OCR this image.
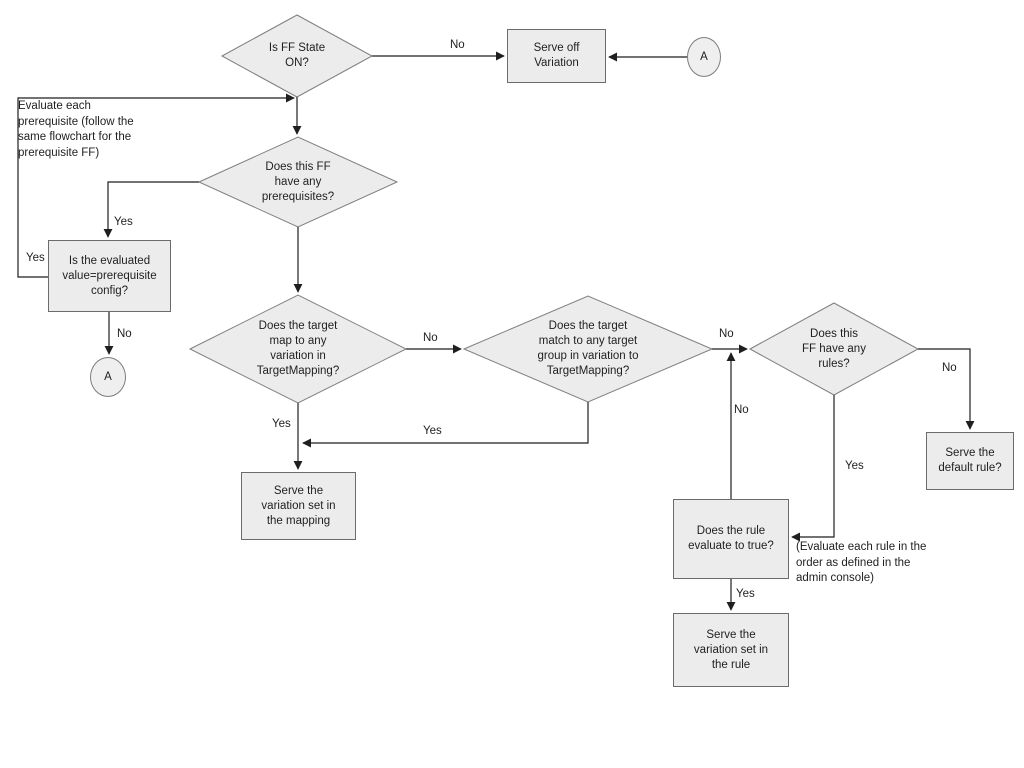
Is FF State
ON?
Does this FF
have any
prerequisites?
Does the target
map to any
variation in
TargetMapping?
Does the target
match to any target
group in variation to
TargetMapping?
Does this
FF have any
rules?
Serve off
Variation
Is the evaluated
value=prerequisite
config?
Serve the
default rule?
Does the rule
evaluate to true?
Serve the
variation set in
the rule
Serve the
variation set in
the mapping
A
A
Evaluate each
prerequisite (follow the
same flowchart for the
prerequisite FF)
(Evaluate each rule in the
order as defined in the
admin console)
No
Yes
Yes
No	No
Yes
Yes
No
No
Yes
No
Yes
